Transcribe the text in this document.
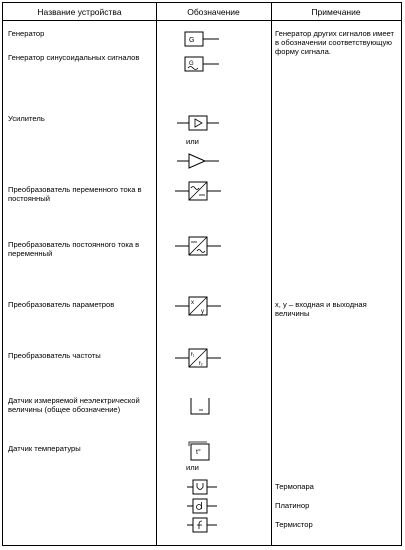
Название устройства	Обозначение	Примечание
Генератор
Генератор синусоидальных сигналов
Усилитель
Преобразователь переменного тока в постоянный
Преобразователь постоянного тока в переменный
Преобразователь параметров
Преобразователь частоты
Датчик измеряемой неэлектрической величины (общее обозначение)
Датчик температуры
Генератор других сигналов имеет в обозначении соответствующую форму сигнала.
x, y – входная и выходная величины
Термопара
Платинор
Термистор
или
или
G
G
x
y
f₁
f₂
t°
